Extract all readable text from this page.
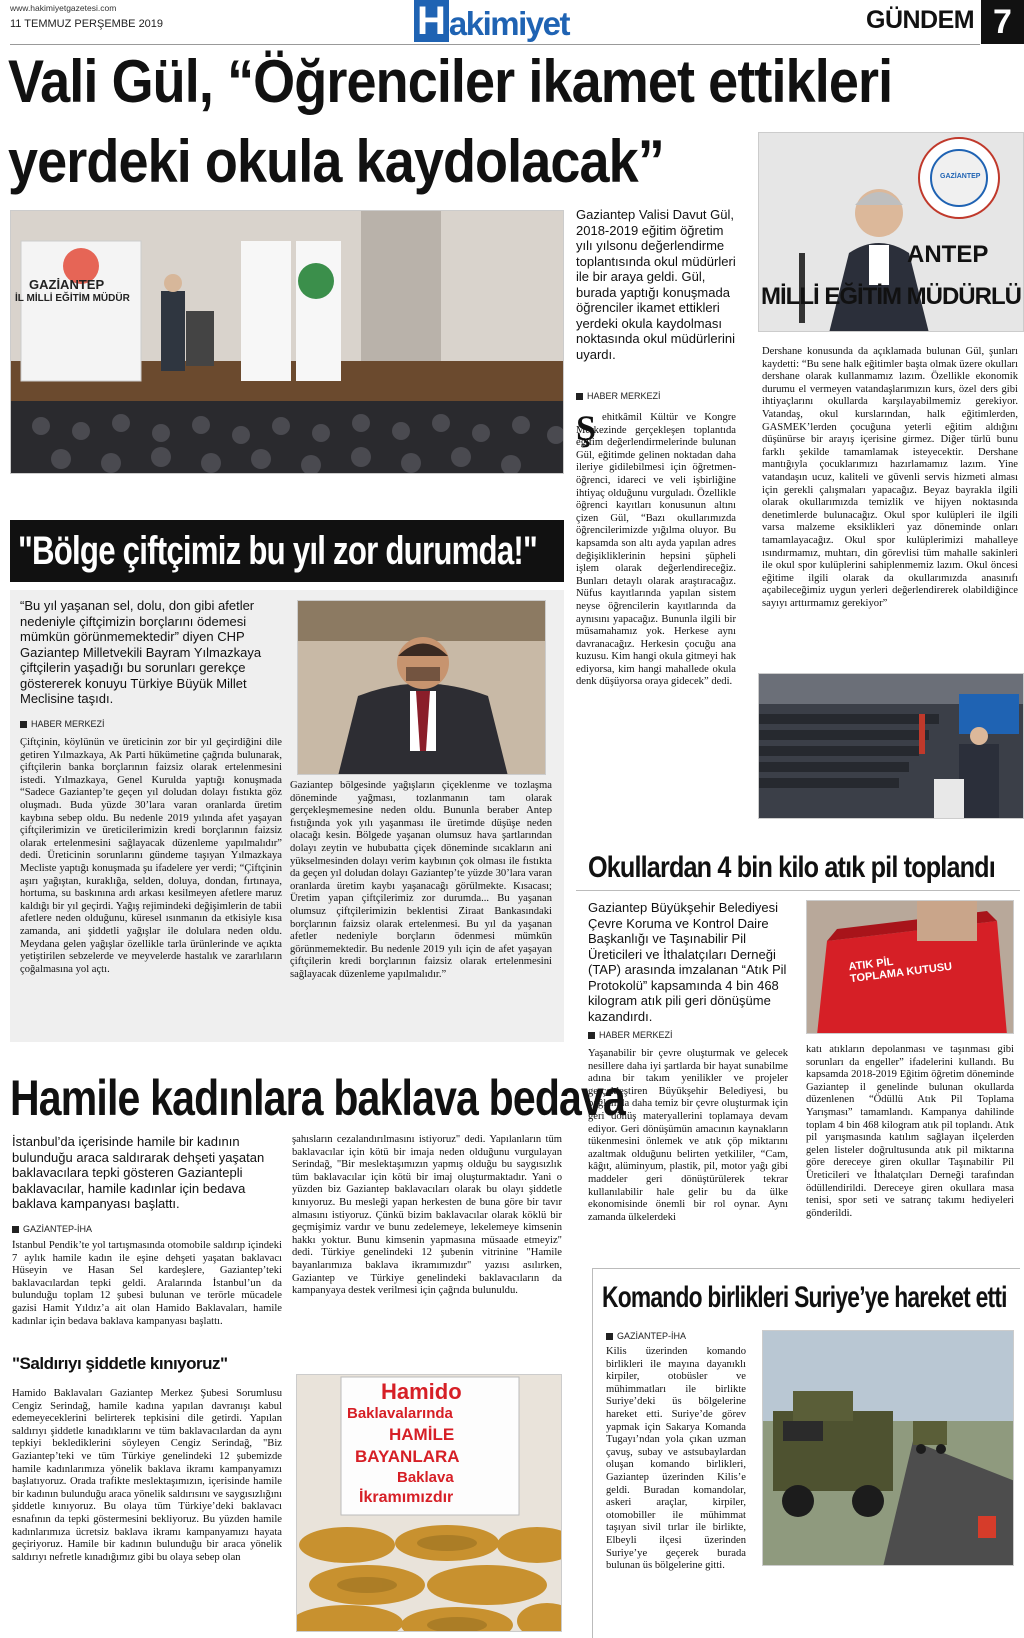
www.hakimiyetgazetesi.com
11 TEMMUZ PERŞEMBE 2019	H akimiyet	GÜNDEM 7
Vali Gül, “Öğrenciler ikamet ettikleri
yerdeki okula kaydolacak”
GAZİANTEP
İL MİLLİ EĞİTİM MÜDÜR
Gaziantep Valisi Davut Gül, 2018-2019 eğitim öğretim yılı yılsonu değerlendirme toplantısında okul müdürleri ile bir araya geldi. Gül, burada yaptığı konuşmada öğrenciler ikamet ettikleri yerdeki okula kaydolması noktasında okul müdürlerini uyardı.
HABER MERKEZİ
Ş ehitkâmil Kültür ve Kongre Merkezinde gerçekleşen toplantıda eğitim değerlendirmelerinde bulunan Gül, eğitimde gelinen noktadan daha ileriye gidilebilmesi için öğretmen-öğrenci, idareci ve veli işbirliğine ihtiyaç olduğunu vurguladı. Özellikle öğrenci kayıtları konusunun altını çizen Gül, “Bazı okullarımızda öğrencilerimizde yığılma oluyor. Bu kapsamda son altı ayda yapılan adres değişikliklerinin hepsini şüpheli işlem olarak değerlendireceğiz. Bunları detaylı olarak araştıracağız. Nüfus kayıtlarında yapılan sistem neyse öğrencilerin kayıtlarında da aynısını yapacağız. Bununla ilgili bir müsamahamız yok. Herkese aynı davranacağız. Herkesin çocuğu ana kuzusu. Kim hangi okula gitmeyi hak ediyorsa, kim hangi mahallede okula denk düşüyorsa oraya gidecek” dedi.

GAZİANTEP
ANTEP
MİLLİ EĞİTİM MÜDÜRLÜ
Dershane konusunda da açıklamada bulunan Gül, şunları kaydetti: “Bu sene halk eğitimler başta olmak üzere okulları dershane olarak kullanmamız lazım. Özellikle ekonomik durumu el vermeyen vatandaşlarımızın kurs, özel ders gibi ihtiyaçlarını okullarda karşılayabilmemiz gerekiyor. Vatandaş, okul kurslarından, halk eğitimlerden, GASMEK’lerden çocuğuna yeterli eğitim aldığını düşünürse bir arayış içerisine girmez. Diğer türlü bunu farklı şekilde tamamlamak isteyecektir. Dershane mantığıyla çocuklarımızı hazırlamamız lazım. Yine vatandaşın ucuz, kaliteli ve güvenli servis hizmeti alması için gerekli çalışmaları yapacağız. Beyaz bayrakla ilgili olarak okullarımızda temizlik ve hijyen noktasında denetimlerde bulunacağız. Okul spor kulüpleri ile ilgili varsa malzeme eksiklikleri yaz döneminde onları tamamlayacağız. Okul spor kulüplerimizi mahalleye ısındırmamız, muhtarı, din görevlisi tüm mahalle sakinleri ile okul spor kulüplerini sahiplenmemiz lazım. Okul öncesi eğitime ilgili olarak da okullarımızda anasınıfı açabileceğimiz uygun yerleri değerlendirerek olabildiğince sayıyı arttırmamız gerekiyor”
"Bölge çiftçimiz bu yıl zor durumda!"
“Bu yıl yaşanan sel, dolu, don gibi afetler nedeniyle çiftçimizin borçlarını ödemesi mümkün görünmemektedir” diyen CHP Gaziantep Milletvekili Bayram Yılmazkaya çiftçilerin yaşadığı bu sorunları gerekçe göstererek konuyu Türkiye Büyük Millet Meclisine taşıdı.
HABER MERKEZİ
Çiftçinin, köylünün ve üreticinin zor bir yıl geçirdiğini dile getiren Yılmazkaya, Ak Parti hükümetine çağrıda bulunarak, çiftçilerin banka borçlarının faizsiz olarak ertelenmesini istedi. Yılmazkaya, Genel Kurulda yaptığı konuşmada “Sadece Gaziantep’te geçen yıl doludan dolayı fıstıkta göz oluşmadı. Buda yüzde 30’lara varan oranlarda üretim kaybına sebep oldu. Bu nedenle 2019 yılında afet yaşayan çiftçilerimizin ve üreticilerimizin kredi borçlarının faizsiz olarak ertelenmesini sağlayacak düzenleme yapılmalıdır” dedi. Üreticinin sorunlarını gündeme taşıyan Yılmazkaya Mecliste yaptığı konuşmada şu ifadelere yer verdi; “Çiftçinin aşırı yağıştan, kuraklığa, selden, doluya, dondan, fırtınaya, hortuma, su baskınına ardı arkası kesilmeyen afetlere maruz kaldığı bir yıl geçirdi. Yağış rejimindeki değişimlerin de tabii afetlere neden olduğunu, küresel ısınmanın da etkisiyle kısa zamanda, ani şiddetli yağışlar ile dolulara neden oldu. Meydana gelen yağışlar özellikle tarla ürünlerinde ve açıkta yetiştirilen sebzelerde ve meyvelerde hastalık ve zararlıların çoğalmasına yol açtı.
Gaziantep bölgesinde yağışların çiçeklenme ve tozlaşma döneminde yağması, tozlanmanın tam olarak gerçekleşmemesine neden oldu. Bununla beraber Antep fıstığında yok yılı yaşanması ile üretimde düşüşe neden olacağı kesin. Bölgede yaşanan olumsuz hava şartlarından dolayı zeytin ve hububatta çiçek döneminde sıcakların ani yükselmesinden dolayı verim kaybının çok olması ile fıstıkta da geçen yıl doludan dolayı Gaziantep’te yüzde 30’lara varan oranlarda üretim kaybı yaşanacağı görülmekte. Kısacası; Üretim yapan çiftçilerimiz zor durumda... Bu yaşanan olumsuz çiftçilerimizin beklentisi Ziraat Bankasındaki borçlarının faizsiz olarak ertelenmesi. Bu yıl da yaşanan afetler nedeniyle borçların ödenmesi mümkün görünmemektedir. Bu nedenle 2019 yılı için de afet yaşayan çiftçilerin kredi borçlarının faizsiz olarak ertelenmesini sağlayacak düzenleme yapılmalıdır.”
Okullardan 4 bin kilo atık pil toplandı
Gaziantep Büyükşehir Belediyesi Çevre Koruma ve Kontrol Daire Başkanlığı ve Taşınabilir Pil Üreticileri ve İthalatçıları Derneği (TAP) arasında imzalanan “Atık Pil Protokolü” kapsamında 4 bin 468 kilogram atık pili geri dönüşüme kazandırdı.
HABER MERKEZİ
ATIK PİL
TOPLAMA KUTUSU
Yaşanabilir bir çevre oluşturmak ve gelecek nesillere daha iyi şartlarda bir hayat sunabilme adına bir takım yenilikler ve projeler gerçekleştiren Büyükşehir Belediyesi, bu bağlamda daha temiz bir çevre oluşturmak için geri dönüş materyallerini toplamaya devam ediyor. Geri dönüşümün amacının kaynakların tükenmesini önlemek ve atık çöp miktarını azaltmak olduğunu belirten yetkililer, “Cam, kâğıt, alüminyum, plastik, pil, motor yağı gibi maddeler geri dönüştürülerek tekrar kullanılabilir hale gelir bu da ülke ekonomisinde önemli bir rol oynar. Aynı zamanda ülkelerdeki
katı atıkların depolanması ve taşınması gibi sorunları da engeller” ifadelerini kullandı. Bu kapsamda 2018-2019 Eğitim öğretim döneminde Gaziantep il genelinde bulunan okullarda düzenlenen “Ödüllü Atık Pil Toplama Yarışması” tamamlandı. Kampanya dahilinde toplam 4 bin 468 kilogram atık pil toplandı. Atık pil yarışmasında katılım sağlayan ilçelerden gelen listeler doğrultusunda atık pil miktarına göre dereceye giren okullar Taşınabilir Pil Üreticileri ve İthalatçıları Derneği tarafından ödüllendirildi. Dereceye giren okullara masa tenisi, spor seti ve satranç takımı hediyeleri gönderildi.
Hamile kadınlara baklava bedava
İstanbul’da içerisinde hamile bir kadının bulunduğu araca saldırarak dehşeti yaşatan baklavacılara tepki gösteren Gaziantepli baklavacılar, hamile kadınlar için bedava baklava kampanyası başlattı.
GAZİANTEP-İHA
İstanbul Pendik’te yol tartışmasında otomobile saldırıp içindeki 7 aylık hamile kadın ile eşine dehşeti yaşatan baklavacı Hüseyin ve Hasan Sel kardeşlere, Gaziantep’teki baklavacılardan tepki geldi. Aralarında İstanbul’un da bulunduğu toplam 12 şubesi bulunan ve terörle mücadele gazisi Hamit Yıldız’a ait olan Hamido Baklavaları, hamile kadınlar için bedava baklava kampanyası başlattı.
"Saldırıyı şiddetle kınıyoruz"
Hamido Baklavaları Gaziantep Merkez Şubesi Sorumlusu Cengiz Serindağ, hamile kadına yapılan davranışı kabul edemeyeceklerini belirterek tepkisini dile getirdi. Yapılan saldırıyı şiddetle kınadıklarını ve tüm baklavacılardan da aynı tepkiyi beklediklerini söyleyen Cengiz Serindağ, "Biz Gaziantep’teki ve tüm Türkiye genelindeki 12 şubemizde hamile kadınlarımıza yönelik baklava ikramı kampanyamızı başlatıyoruz. Orada trafikte meslektaşımızın, içerisinde hamile bir kadının bulunduğu araca yönelik saldırısını ve saygısızlığını şiddetle kınıyoruz. Bu olaya tüm Türkiye’deki baklavacı esnafının da tepki göstermesini bekliyoruz. Bu yüzden hamile kadınlarımıza ücretsiz baklava ikramı kampanyamızı hayata geçiriyoruz. Hamile bir kadının bulunduğu bir araca yönelik saldırıyı nefretle kınadığımız gibi bu olaya sebep olan
şahısların cezalandırılmasını istiyoruz" dedi. Yapılanların tüm baklavacılar için kötü bir imaja neden olduğunu vurgulayan Serindağ, "Bir meslektaşımızın yapmış olduğu bu saygısızlık tüm baklavacılar için kötü bir imaj oluşturmaktadır. Yani o yüzden biz Gaziantep baklavacıları olarak bu olayı şiddetle kınıyoruz. Bu mesleği yapan herkesten de buna göre bir tavır almasını istiyoruz. Çünkü bizim baklavacılar olarak köklü bir geçmişimiz vardır ve bunu zedelemeye, lekelemeye kimsenin hakkı yoktur. Bunu kimsenin yapmasına müsaade etmeyiz" dedi. Türkiye genelindeki 12 şubenin vitrinine "Hamile bayanlarımıza baklava ikramımızdır" yazısı asılırken, Gaziantep ve Türkiye genelindeki baklavacıların da kampanyaya destek verilmesi için çağrıda bulunuldu.
Hamido
Baklavalarında
HAMİLE
BAYANLARA
Baklava
İkramımızdır
Komando birlikleri Suriye’ye hareket etti
GAZİANTEP-İHA
Kilis üzerinden komando birlikleri ile mayına dayanıklı kirpiler, otobüsler ve mühimmatları ile birlikte Suriye’deki üs bölgelerine hareket etti. Suriye’de görev yapmak için Sakarya Komanda Tugayı’ndan yola çıkan uzman çavuş, subay ve astsubaylardan oluşan komando birlikleri, Gaziantep üzerinden Kilis’e geldi. Buradan komandolar, askeri araçlar, kirpiler, otomobiller ile mühimmat taşıyan sivil tırlar ile birlikte, Elbeyli ilçesi üzerinden Suriye’ye geçerek burada bulunan üs bölgelerine gitti.
